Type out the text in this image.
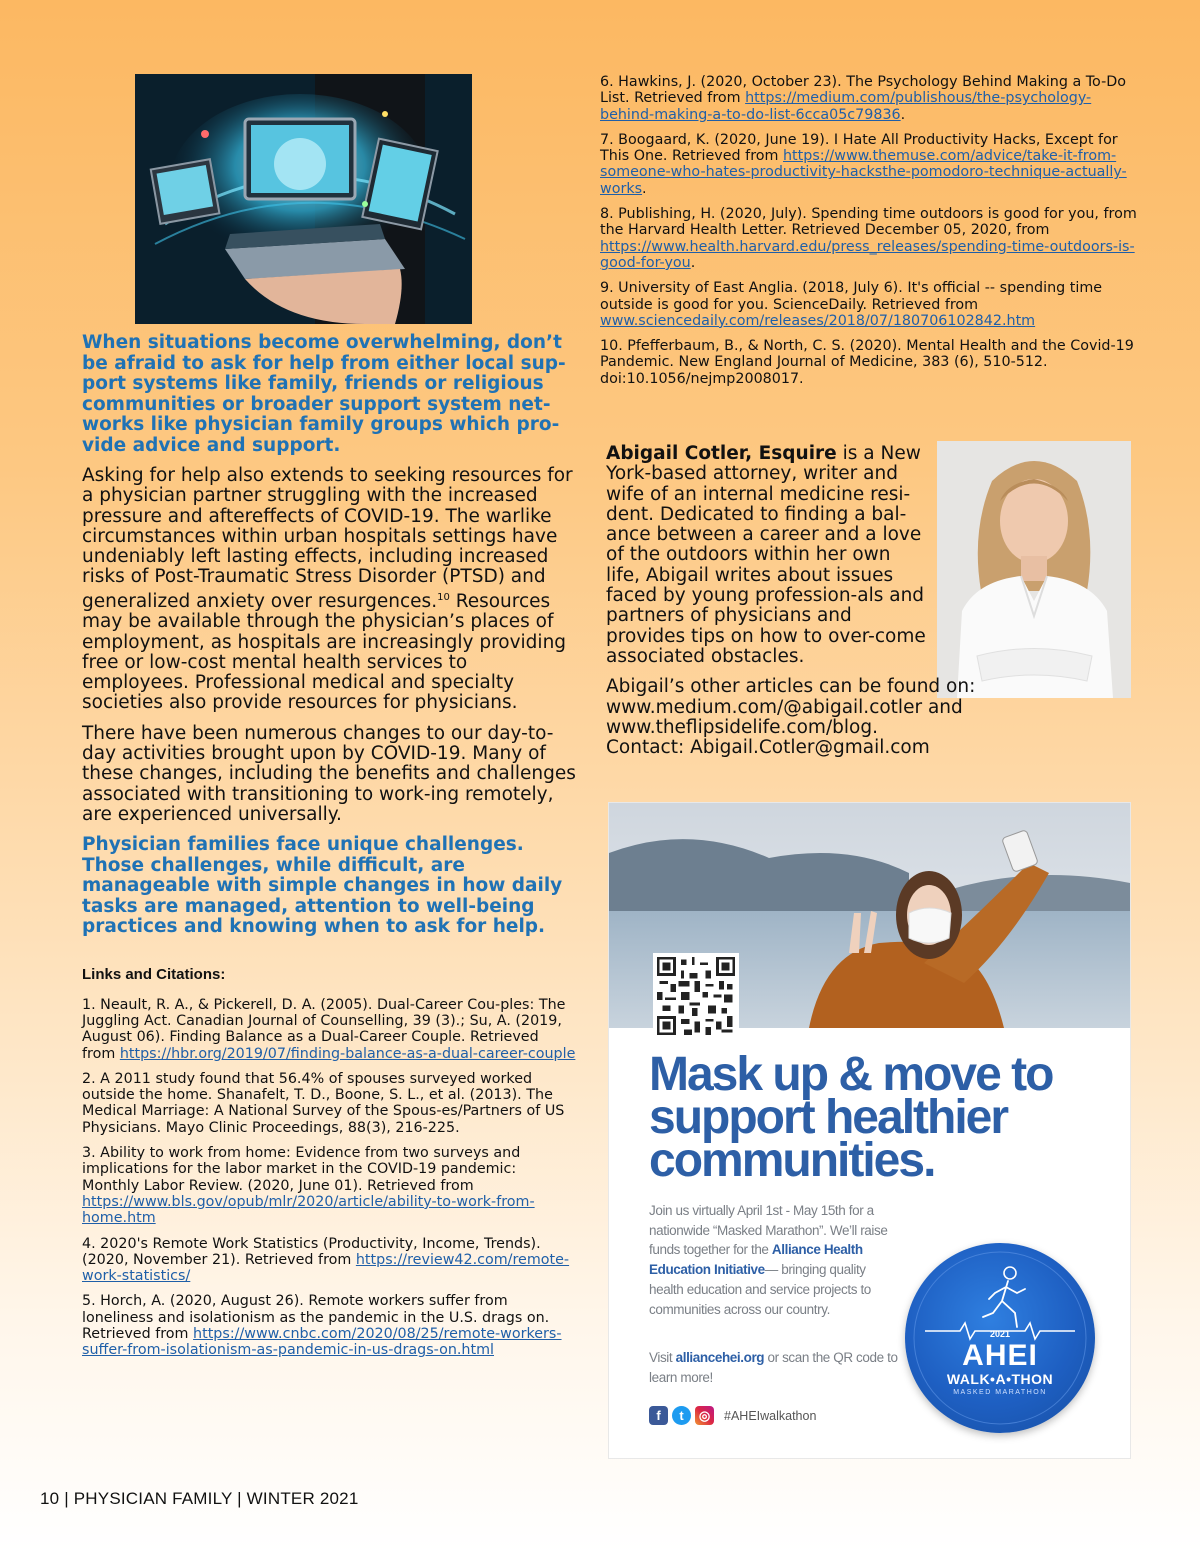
When situations become overwhelming, don’t be afraid to ask for help from either local sup-port systems like family, friends or religious communities or broader support system net-works like physician family groups which pro-vide advice and support.

Asking for help also extends to seeking resources for a physician partner struggling with the increased pressure and aftereffects of COVID-19. The warlike circumstances within urban hospitals settings have undeniably left lasting effects, including increased risks of Post-Traumatic Stress Disorder (PTSD) and generalized anxiety over resurgences.$^{10}$ Resources may be available through the physician’s places of employment, as hospitals are increasingly providing free or low-cost mental health services to employees. Professional medical and specialty societies also provide resources for physicians.

There have been numerous changes to our day-to-day activities brought upon by COVID-19. Many of these changes, including the benefits and challenges associated with transitioning to work-ing remotely, are experienced universally.

Physician families face unique challenges. Those challenges, while difficult, are manageable with simple changes in how daily tasks are managed, attention to well-being practices and knowing when to ask for help.

Links and Citations:

1. Neault, R. A., & Pickerell, D. A. (2005). Dual-Career Cou-ples: The Juggling Act. Canadian Journal of Counselling, 39 (3).; Su, A. (2019, August 06). Finding Balance as a Dual-Career Couple. Retrieved from https://hbr.org/2019/07/finding-balance-as-a-dual-career-couple

2. A 2011 study found that 56.4% of spouses surveyed worked outside the home. Shanafelt, T. D., Boone, S. L., et al. (2013). The Medical Marriage: A National Survey of the Spous-es/Partners of US Physicians. Mayo Clinic Proceedings, 88(3), 216-225.

3. Ability to work from home: Evidence from two surveys and implications for the labor market in the COVID-19 pandemic: Monthly Labor Review. (2020, June 01). Retrieved from https://www.bls.gov/opub/mlr/2020/article/ability-to-work-from-home.htm

4. 2020's Remote Work Statistics (Productivity, Income, Trends). (2020, November 21). Retrieved from https://review42.com/remote-work-statistics/

5. Horch, A. (2020, August 26). Remote workers suffer from loneliness and isolationism as the pandemic in the U.S. drags on. Retrieved from https://www.cnbc.com/2020/08/25/remote-workers-suffer-from-isolationism-as-pandemic-in-us-drags-on.html

6. Hawkins, J. (2020, October 23). The Psychology Behind Making a To-Do List. Retrieved from https://medium.com/publishous/the-psychology-behind-making-a-to-do-list-6cca05c79836.

7. Boogaard, K. (2020, June 19). I Hate All Productivity Hacks, Except for This One. Retrieved from https://www.themuse.com/advice/take-it-from-someone-who-hates-productivity-hacksthe-pomodoro-technique-actually-works.

8. Publishing, H. (2020, July). Spending time outdoors is good for you, from the Harvard Health Letter. Retrieved December 05, 2020, from https://www.health.harvard.edu/press_releases/spending-time-outdoors-is-good-for-you.

9. University of East Anglia. (2018, July 6). It's official -- spending time outside is good for you. ScienceDaily. Retrieved from www.sciencedaily.com/releases/2018/07/180706102842.htm

10. Pfefferbaum, B., & North, C. S. (2020). Mental Health and the Covid-19 Pandemic. New England Journal of Medicine, 383 (6), 510-512. doi:10.1056/nejmp2008017.

Abigail Cotler, Esquire is a New York-based attorney, writer and wife of an internal medicine resi-dent. Dedicated to finding a bal-ance between a career and a love of the outdoors within her own life, Abigail writes about issues faced by young profession-als and partners of physicians and provides tips on how to over-come associated obstacles.

Abigail’s other articles can be found on:

www.medium.com/@abigail.cotler and

www.theflipsidelife.com/blog.

Contact: Abigail.Cotler@gmail.com

Mask up & move to support healthier communities.

Join us virtually April 1st - May 15th for a nationwide “Masked Marathon”. We’ll raise funds together for the Alliance Health Education Initiative— bringing quality health education and service projects to communities across our country.
Visit alliancehei.org or scan the QR code to learn more!
f	t	◎	#AHEIwalkathon
2021
AHEI
WALK•A•THON
MASKED MARATHON
10 | PHYSICIAN FAMILY | WINTER 2021
